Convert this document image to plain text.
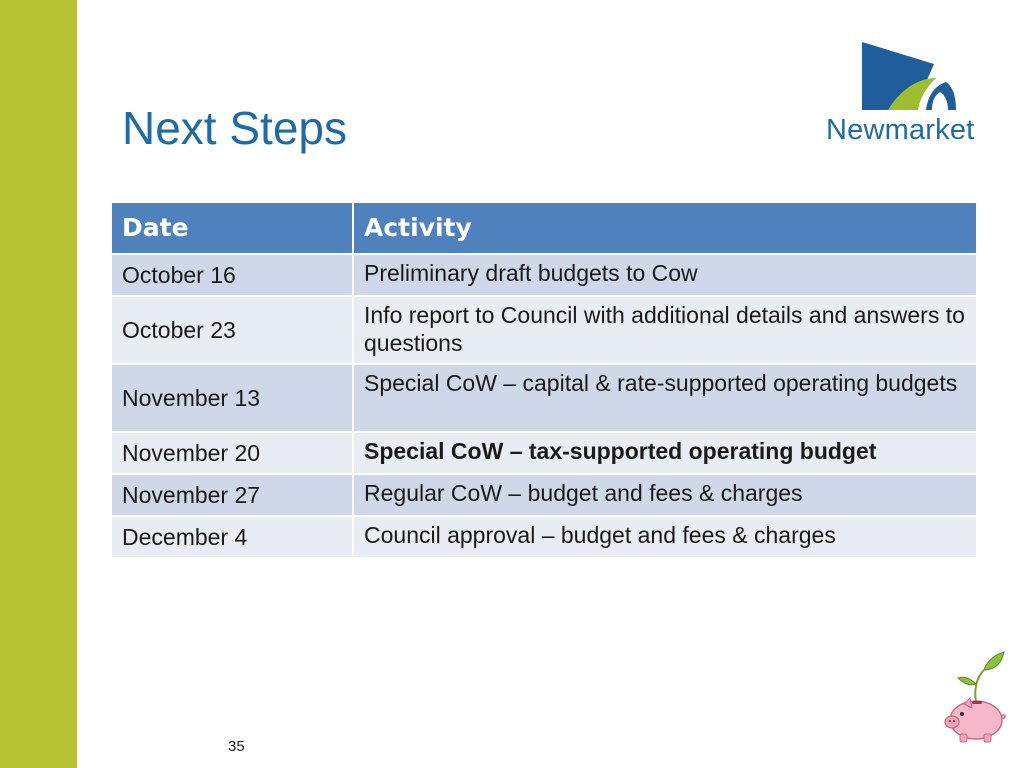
Next Steps	Newmarket
Date	Activity
October 16	Preliminary draft budgets to Cow
October 23	Info report to Council with additional details and answers to questions
November 13	Special CoW – capital & rate-supported operating budgets
November 20	Special CoW – tax-supported operating budget
November 27	Regular CoW – budget and fees & charges
December 4	Council approval – budget and fees & charges
35
